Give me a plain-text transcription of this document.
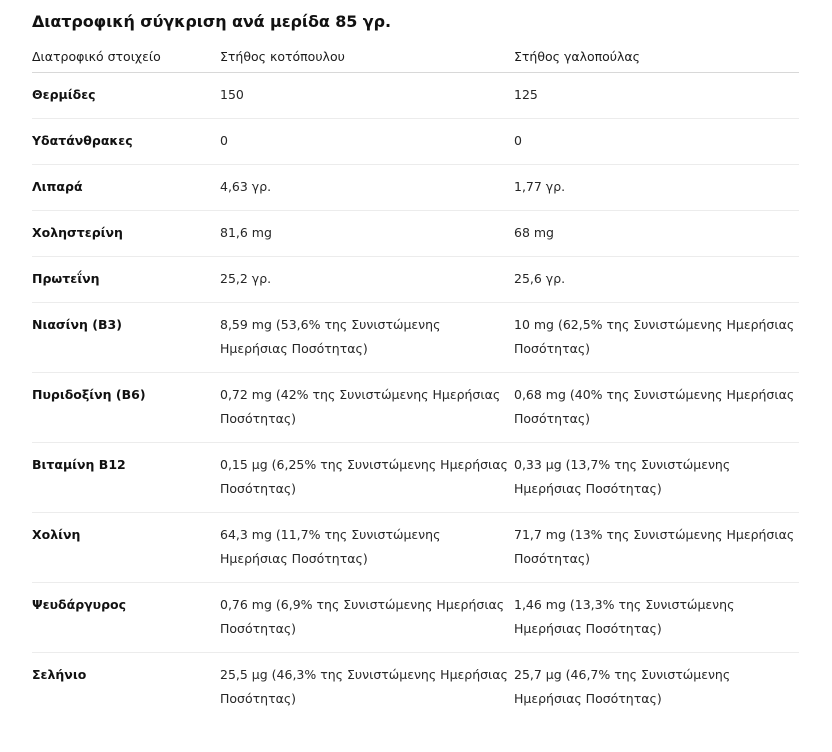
Διατροφική σύγκριση ανά μερίδα 85 γρ.
Διατροφικό στοιχείο	Στήθος κοτόπουλου	Στήθος γαλοπούλας
Θερμίδες	150	125
Υδατάνθρακες	0	0
Λιπαρά	4,63 γρ.	1,77 γρ.
Χοληστερίνη	81,6 mg	68 mg
Πρωτεΐνη	25,2 γρ.	25,6 γρ.
Νιασίνη (B3)	8,59 mg (53,6% της Συνιστώμενης Ημερήσιας Ποσότητας)	10 mg (62,5% της Συνιστώμενης Ημερήσιας Ποσότητας)
Πυριδοξίνη (B6)	0,72 mg (42% της Συνιστώμενης Ημερήσιας Ποσότητας)	0,68 mg (40% της Συνιστώμενης Ημερήσιας Ποσότητας)
Βιταμίνη B12	0,15 μg (6,25% της Συνιστώμενης Ημερήσιας Ποσότητας)	0,33 μg (13,7% της Συνιστώμενης Ημερήσιας Ποσότητας)
Χολίνη	64,3 mg (11,7% της Συνιστώμενης Ημερήσιας Ποσότητας)	71,7 mg (13% της Συνιστώμενης Ημερήσιας Ποσότητας)
Ψευδάργυρος	0,76 mg (6,9% της Συνιστώμενης Ημερήσιας Ποσότητας)	1,46 mg (13,3% της Συνιστώμενης Ημερήσιας Ποσότητας)
Σελήνιο	25,5 μg (46,3% της Συνιστώμενης Ημερήσιας Ποσότητας)	25,7 μg (46,7% της Συνιστώμενης Ημερήσιας Ποσότητας)
